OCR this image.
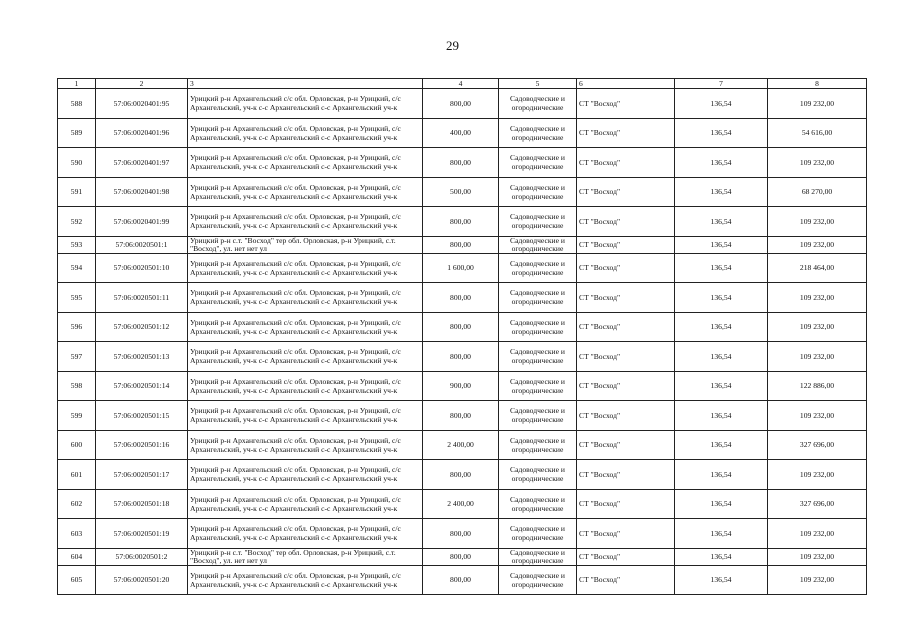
29
1	2	3	4	5	6	7	8
588	57:06:0020401:95	Урицкий р-н Архангельский с/с обл. Орловская, р-н Урицкий, с/с Архангельский, уч-к с-с Архангельский с-с Архангельский уч-к	800,00	Садоводческие и огороднические	СТ "Восход"	136,54	109 232,00
589	57:06:0020401:96	Урицкий р-н Архангельский с/с обл. Орловская, р-н Урицкий, с/с Архангельский, уч-к с-с Архангельский с-с Архангельский уч-к	400,00	Садоводческие и огороднические	СТ "Восход"	136,54	54 616,00
590	57:06:0020401:97	Урицкий р-н Архангельский с/с обл. Орловская, р-н Урицкий, с/с Архангельский, уч-к с-с Архангельский с-с Архангельский уч-к	800,00	Садоводческие и огороднические	СТ "Восход"	136,54	109 232,00
591	57:06:0020401:98	Урицкий р-н Архангельский с/с обл. Орловская, р-н Урицкий, с/с Архангельский, уч-к с-с Архангельский с-с Архангельский уч-к	500,00	Садоводческие и огороднические	СТ "Восход"	136,54	68 270,00
592	57:06:0020401:99	Урицкий р-н Архангельский с/с обл. Орловская, р-н Урицкий, с/с Архангельский, уч-к с-с Архангельский с-с Архангельский уч-к	800,00	Садоводческие и огороднические	СТ "Восход"	136,54	109 232,00
593	57:06:0020501:1	Урицкий р-н с.т. "Восход" тер обл. Орловская, р-н Урицкий, с.т. "Восход", ул. нет нет ул	800,00	Садоводческие и огороднические	СТ "Восход"	136,54	109 232,00
594	57:06:0020501:10	Урицкий р-н Архангельский с/с обл. Орловская, р-н Урицкий, с/с Архангельский, уч-к с-с Архангельский с-с Архангельский уч-к	1 600,00	Садоводческие и огороднические	СТ "Восход"	136,54	218 464,00
595	57:06:0020501:11	Урицкий р-н Архангельский с/с обл. Орловская, р-н Урицкий, с/с Архангельский, уч-к с-с Архангельский с-с Архангельский уч-к	800,00	Садоводческие и огороднические	СТ "Восход"	136,54	109 232,00
596	57:06:0020501:12	Урицкий р-н Архангельский с/с обл. Орловская, р-н Урицкий, с/с Архангельский, уч-к с-с Архангельский с-с Архангельский уч-к	800,00	Садоводческие и огороднические	СТ "Восход"	136,54	109 232,00
597	57:06:0020501:13	Урицкий р-н Архангельский с/с обл. Орловская, р-н Урицкий, с/с Архангельский, уч-к с-с Архангельский с-с Архангельский уч-к	800,00	Садоводческие и огороднические	СТ "Восход"	136,54	109 232,00
598	57:06:0020501:14	Урицкий р-н Архангельский с/с обл. Орловская, р-н Урицкий, с/с Архангельский, уч-к с-с Архангельский с-с Архангельский уч-к	900,00	Садоводческие и огороднические	СТ "Восход"	136,54	122 886,00
599	57:06:0020501:15	Урицкий р-н Архангельский с/с обл. Орловская, р-н Урицкий, с/с Архангельский, уч-к с-с Архангельский с-с Архангельский уч-к	800,00	Садоводческие и огороднические	СТ "Восход"	136,54	109 232,00
600	57:06:0020501:16	Урицкий р-н Архангельский с/с обл. Орловская, р-н Урицкий, с/с Архангельский, уч-к с-с Архангельский с-с Архангельский уч-к	2 400,00	Садоводческие и огороднические	СТ "Восход"	136,54	327 696,00
601	57:06:0020501:17	Урицкий р-н Архангельский с/с обл. Орловская, р-н Урицкий, с/с Архангельский, уч-к с-с Архангельский с-с Архангельский уч-к	800,00	Садоводческие и огороднические	СТ "Восход"	136,54	109 232,00
602	57:06:0020501:18	Урицкий р-н Архангельский с/с обл. Орловская, р-н Урицкий, с/с Архангельский, уч-к с-с Архангельский с-с Архангельский уч-к	2 400,00	Садоводческие и огороднические	СТ "Восход"	136,54	327 696,00
603	57:06:0020501:19	Урицкий р-н Архангельский с/с обл. Орловская, р-н Урицкий, с/с Архангельский, уч-к с-с Архангельский с-с Архангельский уч-к	800,00	Садоводческие и огороднические	СТ "Восход"	136,54	109 232,00
604	57:06:0020501:2	Урицкий р-н с.т. "Восход" тер обл. Орловская, р-н Урицкий, с.т. "Восход", ул. нет нет ул	800,00	Садоводческие и огороднические	СТ "Восход"	136,54	109 232,00
605	57:06:0020501:20	Урицкий р-н Архангельский с/с обл. Орловская, р-н Урицкий, с/с Архангельский, уч-к с-с Архангельский с-с Архангельский уч-к	800,00	Садоводческие и огороднические	СТ "Восход"	136,54	109 232,00
